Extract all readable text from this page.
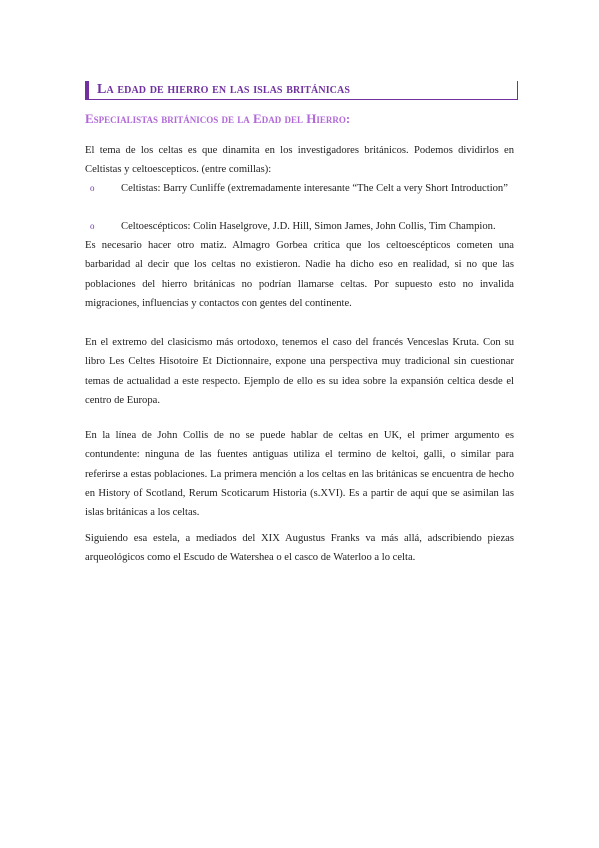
La edad de hierro en las islas británicas
Especialistas británicos de la Edad del Hierro:

El tema de los celtas es que dinamita en los investigadores británicos. Podemos dividirlos en Celtistas y celtoescepticos. (entre comillas):

o	Celtistas: Barry Cunliffe (extremadamente interesante “The Celt a very Short Introduction”
o	Celtoescépticos: Colin Haselgrove, J.D. Hill, Simon James, John Collis, Tim Champion.

Es necesario hacer otro matiz. Almagro Gorbea critica que los celtoescépticos cometen una barbaridad al decir que los celtas no existieron. Nadie ha dicho eso en realidad, si no que las poblaciones del hierro británicas no podrían llamarse celtas. Por supuesto esto no invalida migraciones, influencias y contactos con gentes del continente.

En el extremo del clasicismo más ortodoxo, tenemos el caso del francés Venceslas Kruta. Con su libro Les Celtes Hisotoire Et Dictionnaire, expone una perspectiva muy tradicional sin cuestionar temas de actualidad a este respecto. Ejemplo de ello es su idea sobre la expansión celtica desde el centro de Europa.

En la línea de John Collis de no se puede hablar de celtas en UK, el primer argumento es contundente: ninguna de las fuentes antiguas utiliza el termino de keltoi, galli, o similar para referirse a estas poblaciones. La primera mención a los celtas en las británicas se encuentra de hecho en History of Scotland, Rerum Scoticarum Historia (s.XVI). Es a partir de aquí que se asimilan las islas británicas a los celtas.

Siguiendo esa estela, a mediados del XIX Augustus Franks va más allá, adscribiendo piezas arqueológicos como el Escudo de Watershea o el casco de Waterloo a lo celta.
